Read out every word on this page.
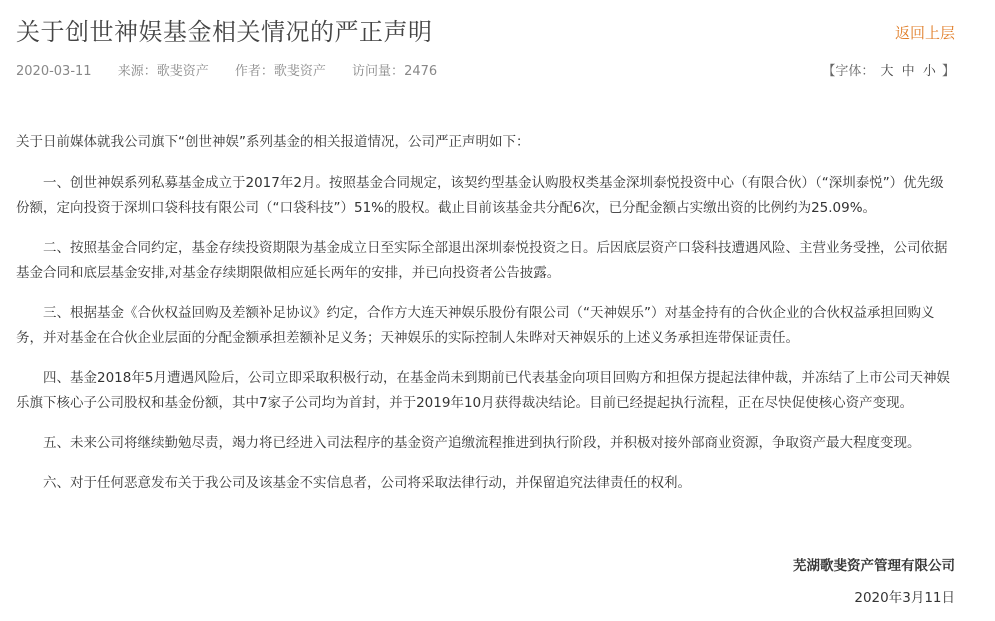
关于创世神娱基金相关情况的严正声明	返回上层
2020-03-11 来源：歌斐资产 作者：歌斐资产 访问量：2476	【字体： 大 中 小 】

关于日前媒体就我公司旗下“创世神娱”系列基金的相关报道情况，公司严正声明如下：

一、创世神娱系列私募基金成立于2017年2月。按照基金合同规定，该契约型基金认购股权类基金深圳泰悦投资中心（有限合伙）（“深圳泰悦”）优先级份额，定向投资于深圳口袋科技有限公司（“口袋科技”）51%的股权。截止目前该基金共分配6次，已分配金额占实缴出资的比例约为25.09%。

二、按照基金合同约定，基金存续投资期限为基金成立日至实际全部退出深圳泰悦投资之日。后因底层资产口袋科技遭遇风险、主营业务受挫，公司依据基金合同和底层基金安排,对基金存续期限做相应延长两年的安排，并已向投资者公告披露。

三、根据基金《合伙权益回购及差额补足协议》约定，合作方大连天神娱乐股份有限公司（“天神娱乐”）对基金持有的合伙企业的合伙权益承担回购义务，并对基金在合伙企业层面的分配金额承担差额补足义务；天神娱乐的实际控制人朱晔对天神娱乐的上述义务承担连带保证责任。

四、基金2018年5月遭遇风险后，公司立即采取积极行动，在基金尚未到期前已代表基金向项目回购方和担保方提起法律仲裁，并冻结了上市公司天神娱乐旗下核心子公司股权和基金份额，其中7家子公司均为首封，并于2019年10月获得裁决结论。目前已经提起执行流程，正在尽快促使核心资产变现。

五、未来公司将继续勤勉尽责，竭力将已经进入司法程序的基金资产追缴流程推进到执行阶段，并积极对接外部商业资源，争取资产最大程度变现。

六、对于任何恶意发布关于我公司及该基金不实信息者，公司将采取法律行动，并保留追究法律责任的权利。

芜湖歌斐资产管理有限公司
2020年3月11日
